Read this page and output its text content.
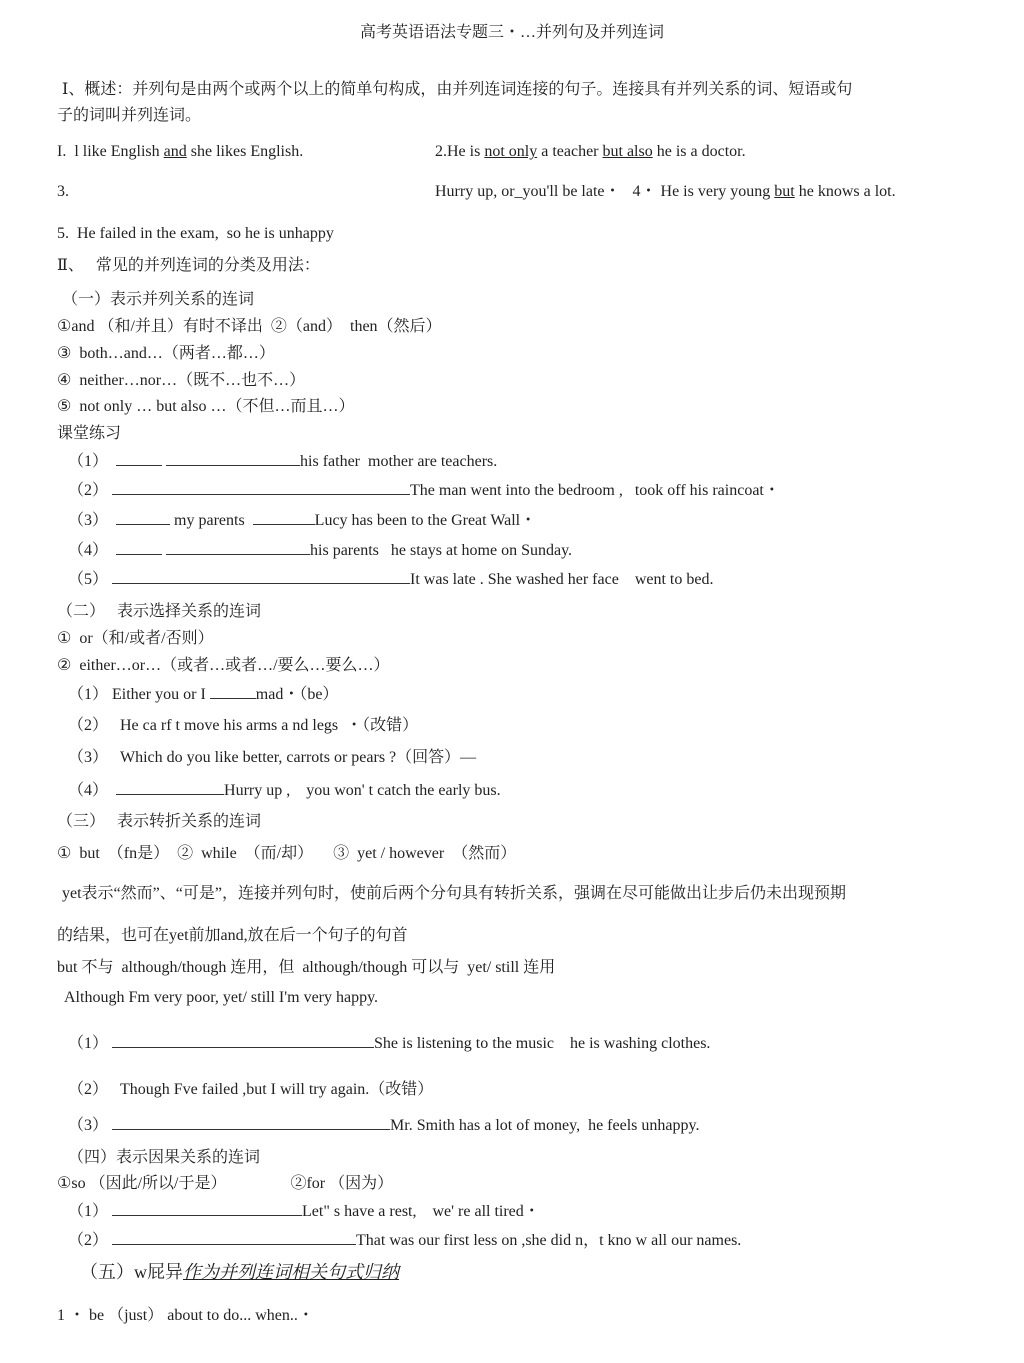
高考英语语法专题三・…并列句及并列连词
Ⅰ、概述：并列句是由两个或两个以上的简单句构成，由并列连词连接的句子。连接具有并列关系的词、短语或句
子的词叫并列连词。
I.  l like English and she likes English.	2.He is not only a teacher but also he is a doctor.
3.	Hurry up, or_you'll be late・   4・ He is very young but he knows a lot.
5.  He failed in the exam,  so he is unhappy
Ⅱ、   常见的并列连词的分类及用法：
（一）表示并列关系的连词
①and （和/并且）有时不译出  ②（and）  then（然后）
③  both…and…（两者…都…）
④  neither…nor…（既不…也不…）
⑤  not only … but also …（不但…而且…）
课堂练习
（1）	his father  mother are teachers.
（2）	The man went into the bedroom ,   took off his raincoat・
（3）	my parents	Lucy has been to the Great Wall・
（4）	his parents   he stays at home on Sunday.
（5）	It was late . She washed her face    went to bed.
（二）   表示选择关系的连词
①  or（和/或者/否则）
②  either…or…（或者…或者…/要么…要么…）
（1） Either you or I	mad・（be）
（2）   He ca rf t move his arms a nd legs  ・（改错）
（3）   Which do you like better, carrots or pears ?（回答）—
（4）	Hurry up ,    you won' t catch the early bus.
（三）   表示转折关系的连词
①  but  （fn是）  ②  while  （而/却）     ③  yet / however  （然而）
yet表示“然而”、“可是”，连接并列句时，使前后两个分句具有转折关系，强调在尽可能做出让步后仍未出现预期
的结果，也可在yet前加and,放在后一个句子的句首
but 不与  although/though 连用，但  although/though 可以与  yet/ still 连用
Although Fm very poor, yet/ still I'm very happy.
（1）	She is listening to the music    he is washing clothes.
（2）   Though Fve failed ,but I will try again.（改错）
（3）	Mr. Smith has a lot of money,  he feels unhappy.
（四）表示因果关系的连词
①so （因此/所以/于是）                ②for （因为）
（1）	Let" s have a rest,    we' re all tired・
（2）	That was our first less on ,she did n，t kno w all our names.
（五）w屁异作为并列连词相关句式归纳
1 ・ be （just） about to do... when..・
